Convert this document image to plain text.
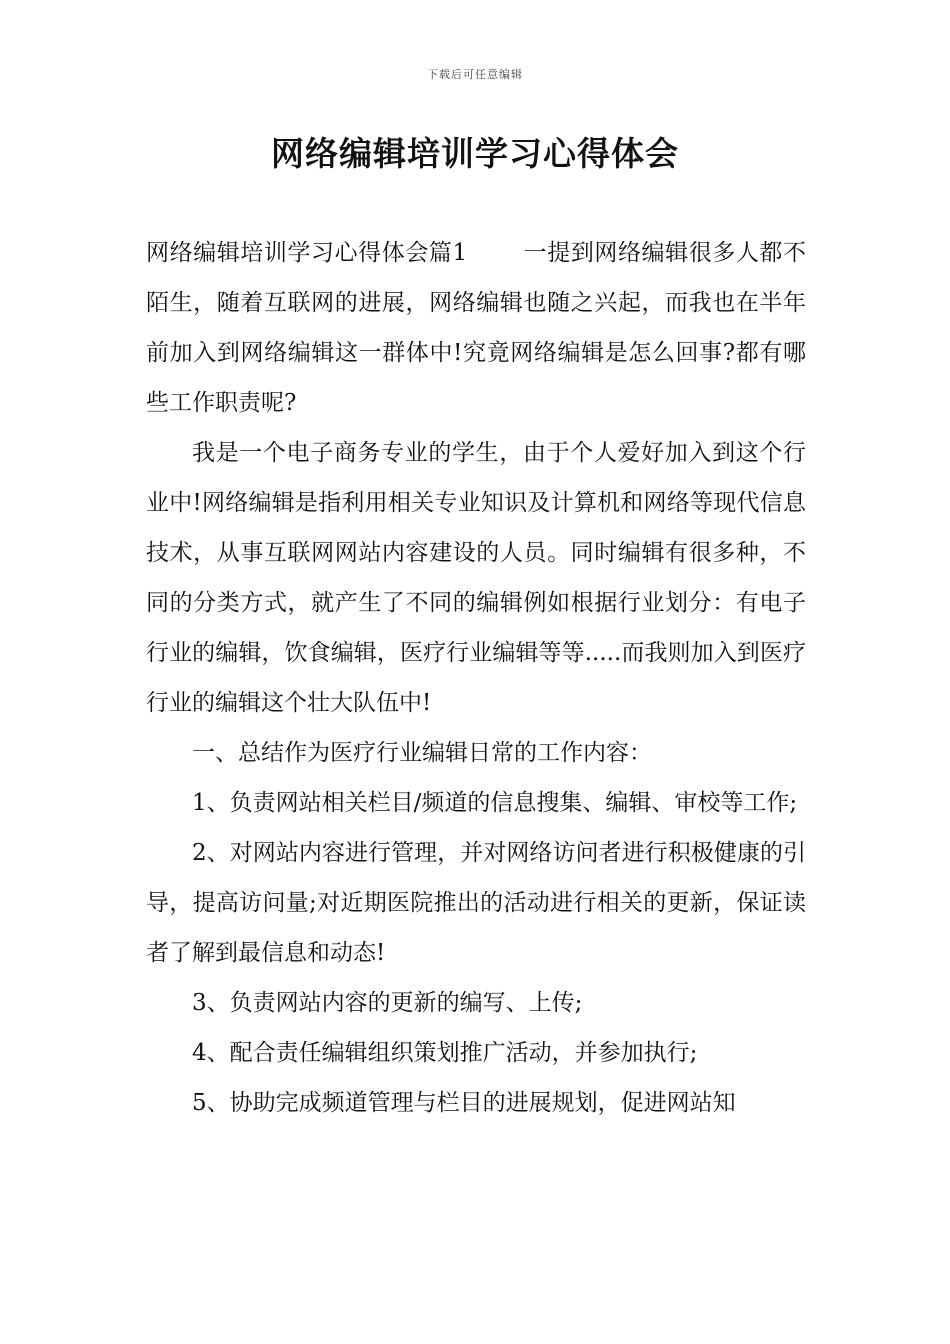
下载后可任意编辑
网络编辑培训学习心得体会

网络编辑培训学习心得体会篇1 一提到网络编辑很多人都不陌生，随着互联网的进展，网络编辑也随之兴起，而我也在半年前加入到网络编辑这一群体中!究竟网络编辑是怎么回事?都有哪些工作职责呢?

我是一个电子商务专业的学生，由于个人爱好加入到这个行业中!网络编辑是指利用相关专业知识及计算机和网络等现代信息技术，从事互联网网站内容建设的人员。同时编辑有很多种，不同的分类方式，就产生了不同的编辑例如根据行业划分：有电子行业的编辑，饮食编辑，医疗行业编辑等等.....而我则加入到医疗行业的编辑这个壮大队伍中!

一、总结作为医疗行业编辑日常的工作内容：

1、负责网站相关栏目/频道的信息搜集、编辑、审校等工作;

2、对网站内容进行管理，并对网络访问者进行积极健康的引导，提高访问量;对近期医院推出的活动进行相关的更新，保证读者了解到最信息和动态!

3、负责网站内容的更新的编写、上传;

4、配合责任编辑组织策划推广活动，并参加执行;

5、协助完成频道管理与栏目的进展规划，促进网站知
